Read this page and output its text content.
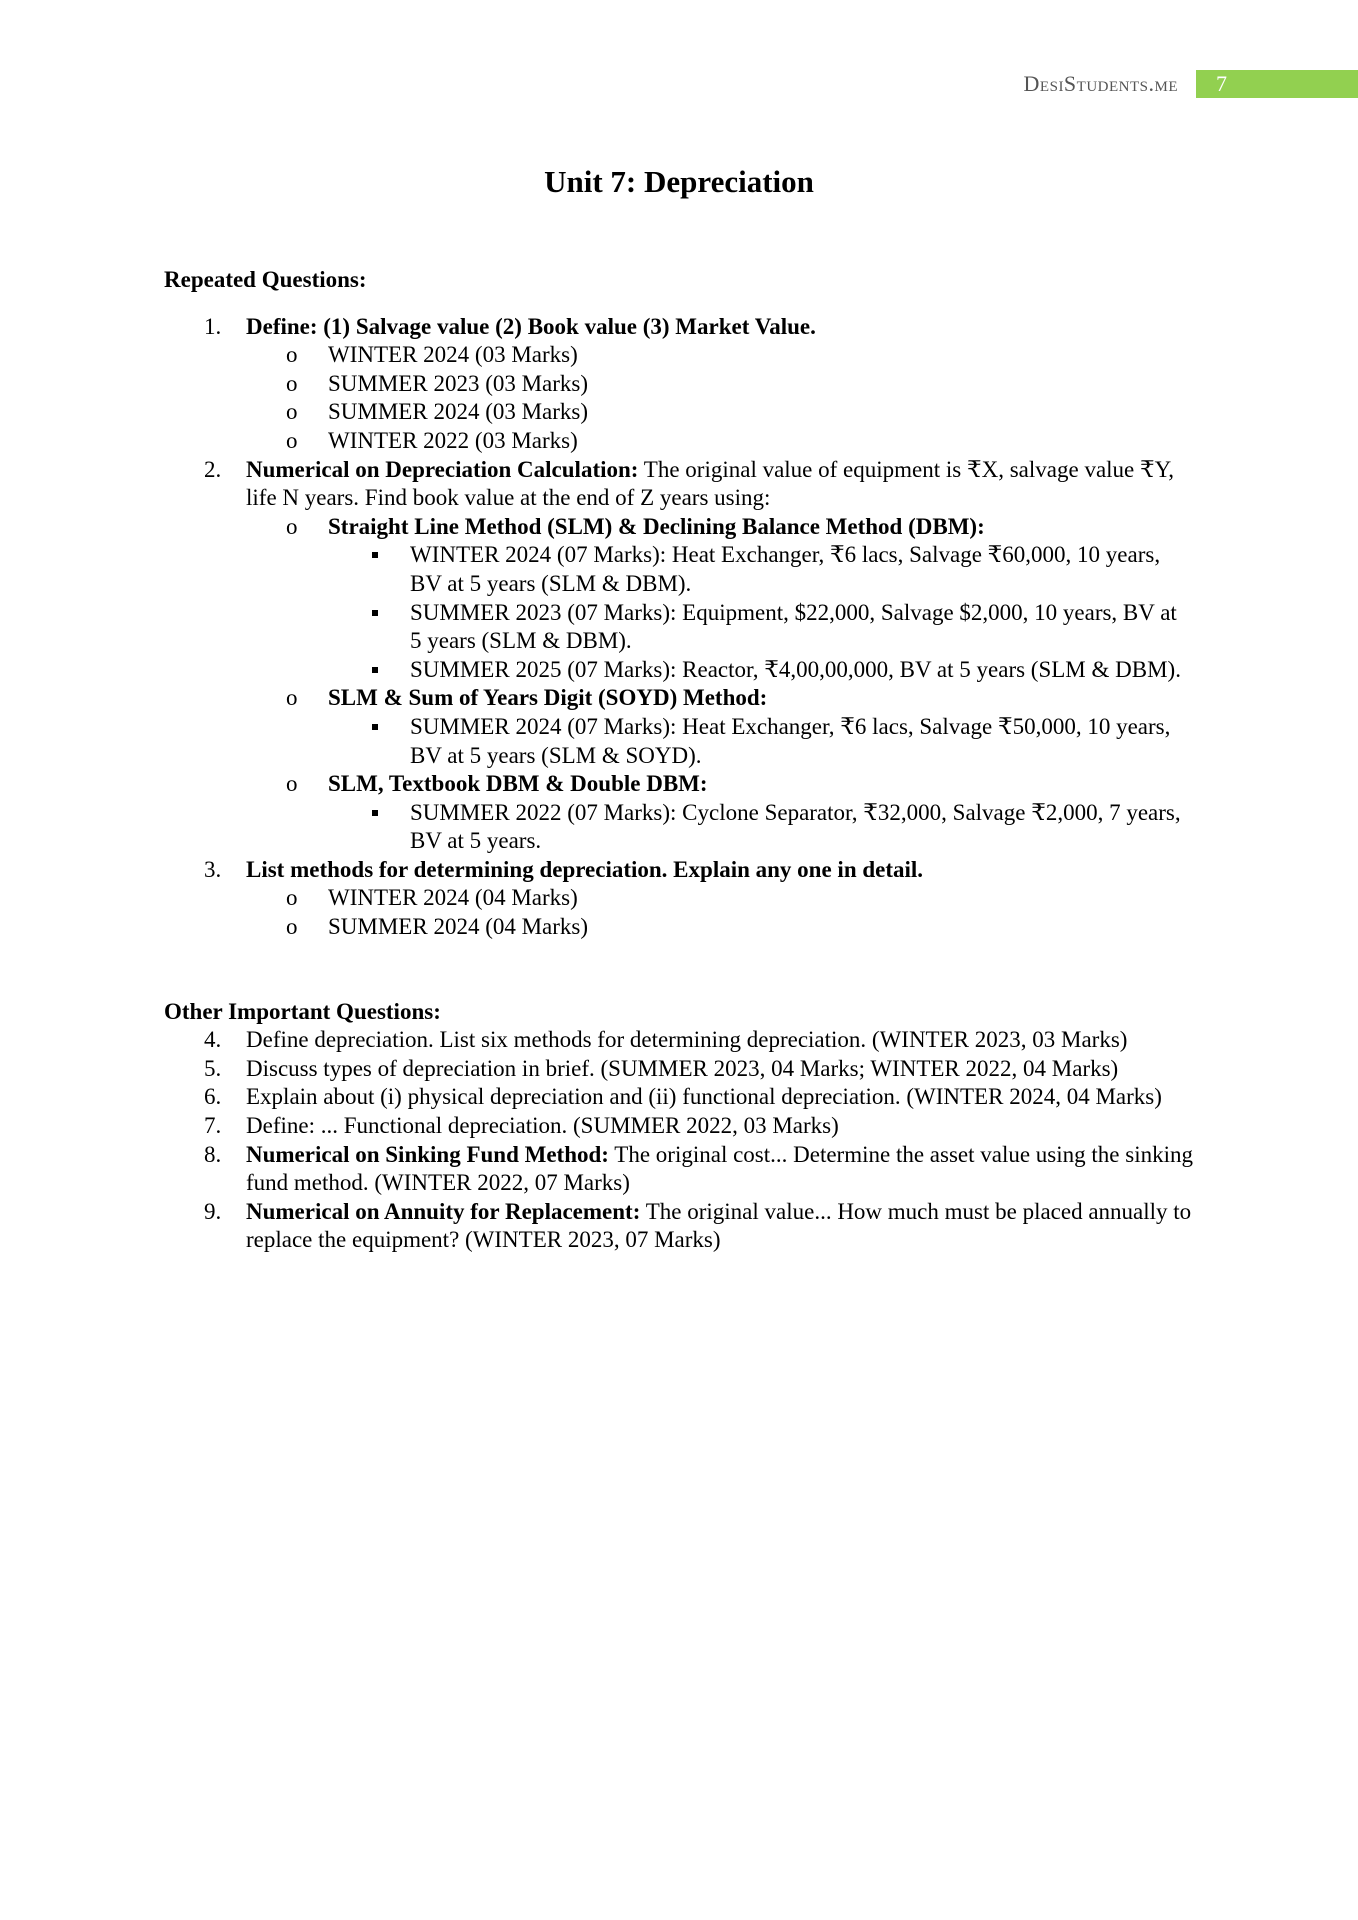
DesiStudents.me 7
Unit 7: Depreciation

Repeated Questions:

1. Define: (1) Salvage value (2) Book value (3) Market Value.
o WINTER 2024 (03 Marks)
o SUMMER 2023 (03 Marks)
o SUMMER 2024 (03 Marks)
o WINTER 2022 (03 Marks)
2. Numerical on Depreciation Calculation: The original value of equipment is ₹X, salvage value ₹Y, life N years. Find book value at the end of Z years using:
o Straight Line Method (SLM) & Declining Balance Method (DBM):
WINTER 2024 (07 Marks): Heat Exchanger, ₹6 lacs, Salvage ₹60,000, 10 years, BV at 5 years (SLM & DBM).
SUMMER 2023 (07 Marks): Equipment, $22,000, Salvage $2,000, 10 years, BV at 5 years (SLM & DBM).
SUMMER 2025 (07 Marks): Reactor, ₹4,00,00,000, BV at 5 years (SLM & DBM).
o SLM & Sum of Years Digit (SOYD) Method:
SUMMER 2024 (07 Marks): Heat Exchanger, ₹6 lacs, Salvage ₹50,000, 10 years, BV at 5 years (SLM & SOYD).
o SLM, Textbook DBM & Double DBM:
SUMMER 2022 (07 Marks): Cyclone Separator, ₹32,000, Salvage ₹2,000, 7 years, BV at 5 years.
3. List methods for determining depreciation. Explain any one in detail.
o WINTER 2024 (04 Marks)
o SUMMER 2024 (04 Marks)

Other Important Questions:

4. Define depreciation. List six methods for determining depreciation. (WINTER 2023, 03 Marks)
5. Discuss types of depreciation in brief. (SUMMER 2023, 04 Marks; WINTER 2022, 04 Marks)
6. Explain about (i) physical depreciation and (ii) functional depreciation. (WINTER 2024, 04 Marks)
7. Define: ... Functional depreciation. (SUMMER 2022, 03 Marks)
8. Numerical on Sinking Fund Method: The original cost... Determine the asset value using the sinking fund method. (WINTER 2022, 07 Marks)
9. Numerical on Annuity for Replacement: The original value... How much must be placed annually to replace the equipment? (WINTER 2023, 07 Marks)
